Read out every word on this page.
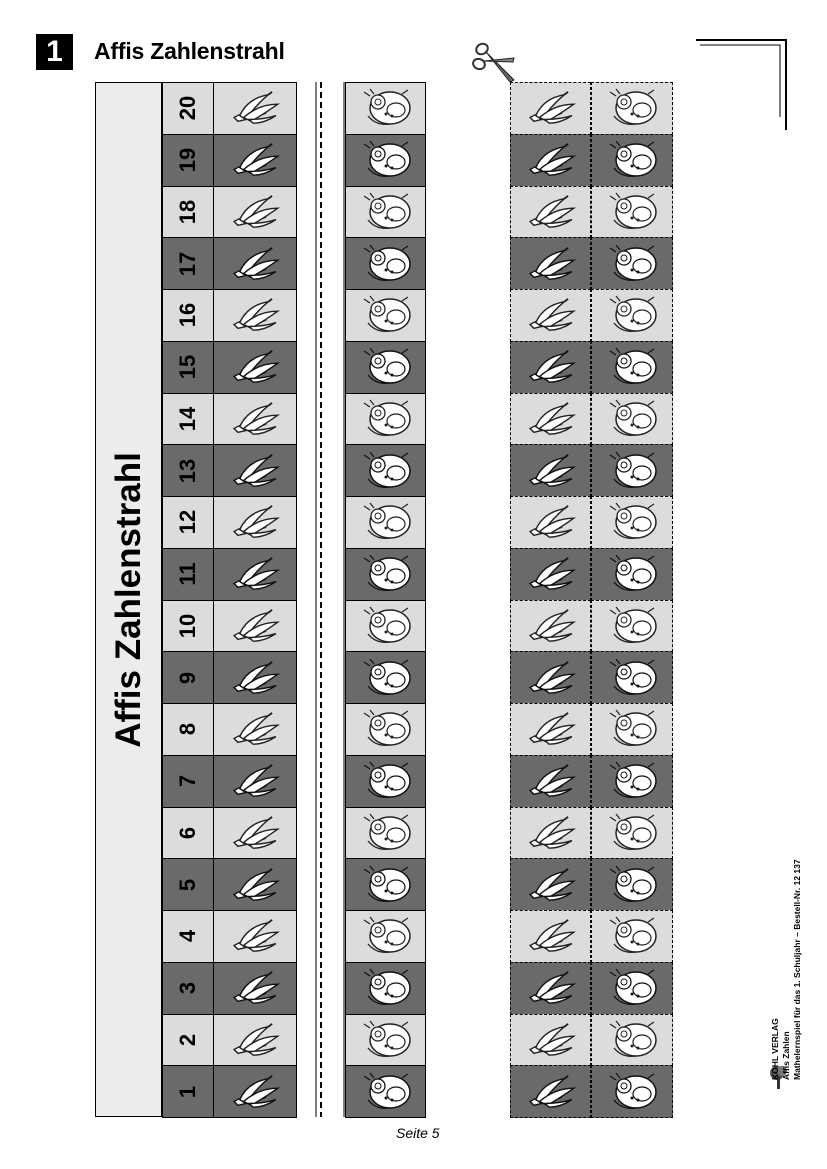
1	Affis Zahlenstrahl
Affis Zahlenstrahl
20
19
18
17
16
15
14
13
12
11
10
9
8
7
6
5
4
3
2
1
Seite 5
KOHL VERLAG Affis Zahlen Mathelernspiel für das 1. Schuljahr – Bestell-Nr. 12 137
